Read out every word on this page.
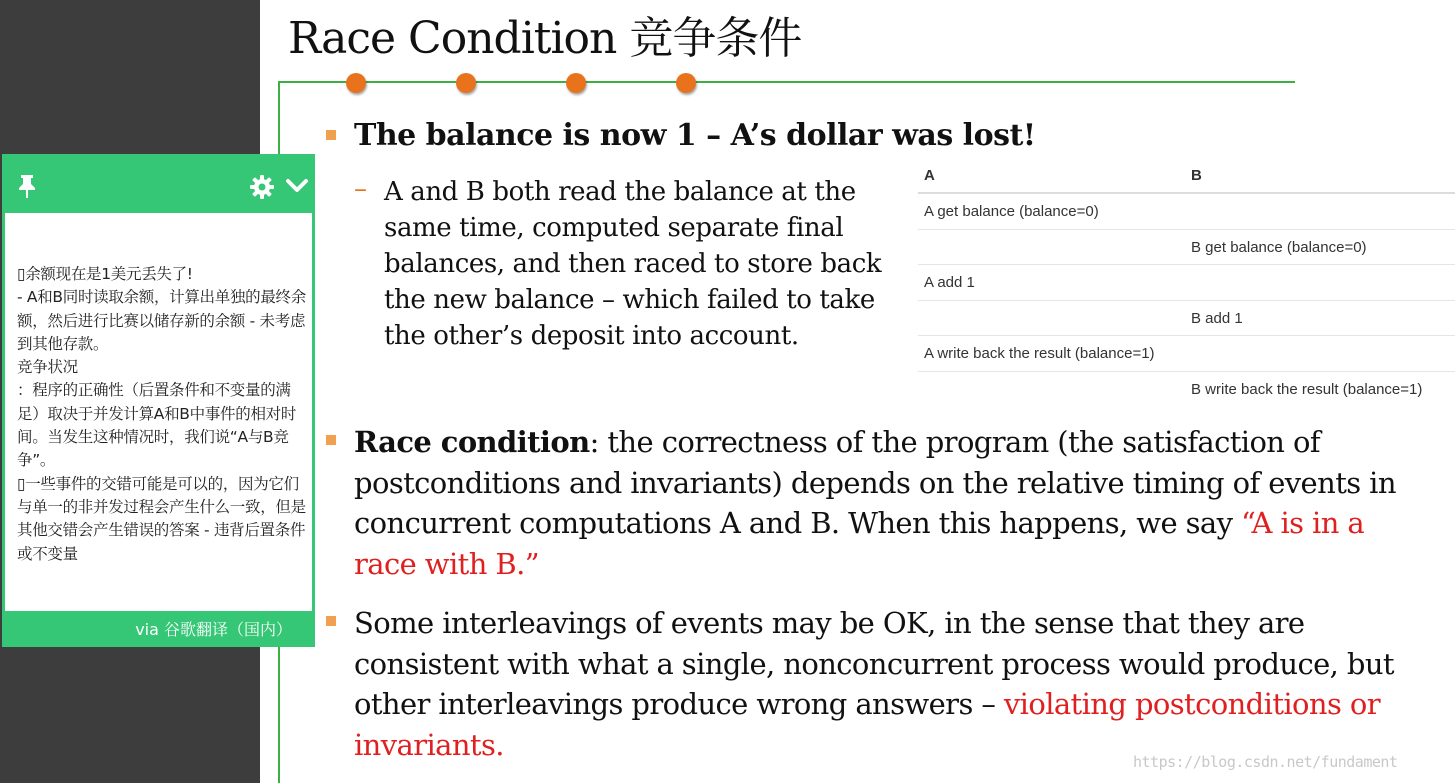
Race Condition 竞争条件
The balance is now 1 – A’s dollar was lost!
– A and B both read the balance at the same time, computed separate final balances, and then raced to store back the new balance – which failed to take the other’s deposit into account.
A	B
A get balance (balance=0)
B get balance (balance=0)
A add 1
B add 1
A write back the result (balance=1)
B write back the result (balance=1)
Race condition: the correctness of the program (the satisfaction of postconditions and invariants) depends on the relative timing of events in concurrent computations A and B. When this happens, we say “A is in a race with B.”
Some interleavings of events may be OK, in the sense that they are consistent with what a single, nonconcurrent process would produce, but other interleavings produce wrong answers – violating postconditions or invariants.
https://blog.csdn.net/fundament
▯余额现在是1美元丢失了!
- A和B同时读取余额，计算出单独的最终余额，然后进行比赛以储存新的余额 - 未考虑到其他存款。
竞争状况
：程序的正确性（后置条件和不变量的满足）取决于并发计算A和B中事件的相对时间。当发生这种情况时，我们说“A与B竞争”。
▯一些事件的交错可能是可以的，因为它们与单一的非并发过程会产生什么一致，但是其他交错会产生错误的答案 - 违背后置条件或不变量
via 谷歌翻译（国内）
